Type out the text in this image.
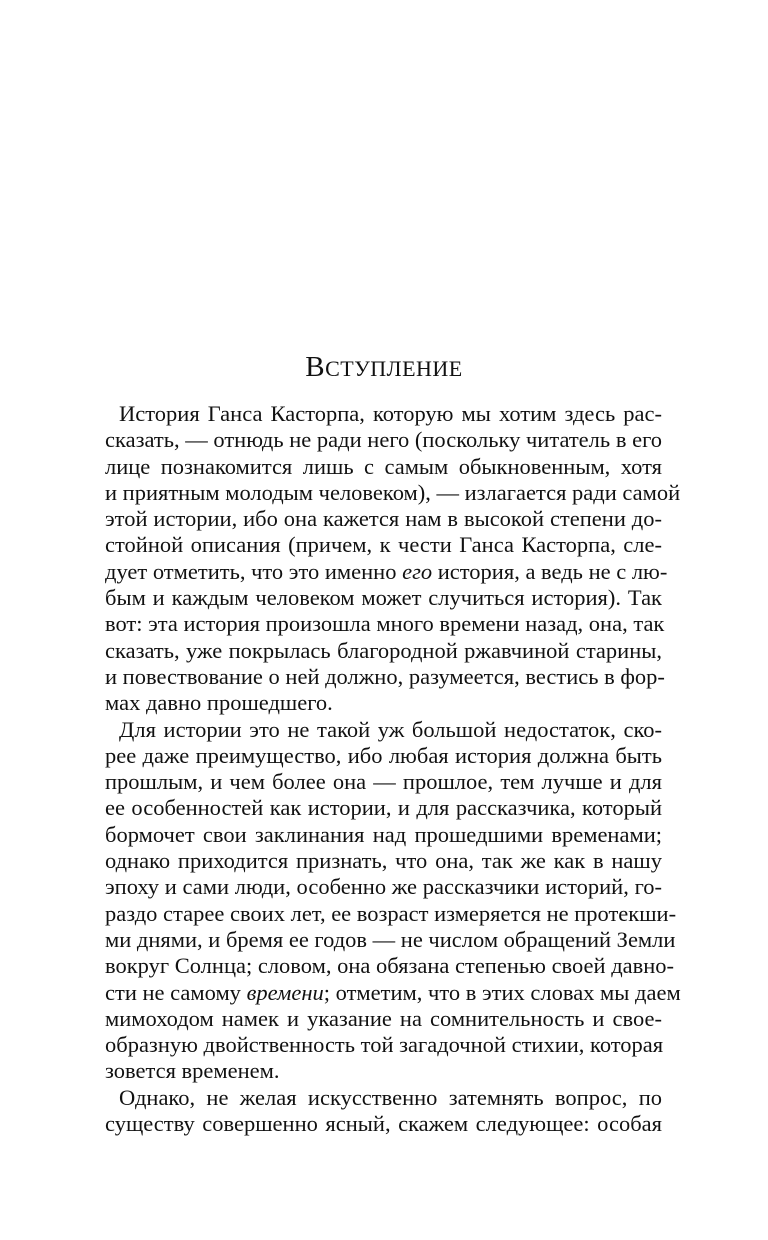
ВСТУПЛЕНИЕ
История Ганса Касторпа, которую мы хотим здесь рас-
сказать, — отнюдь не ради него (поскольку читатель в его
лице познакомится лишь с самым обыкновенным, хотя
и приятным молодым человеком), — излагается ради самой
этой истории, ибо она кажется нам в высокой степени до-
стойной описания (причем, к чести Ганса Касторпа, сле-
дует отметить, что это именно его история, а ведь не с лю-
бым и каждым человеком может случиться история). Так
вот: эта история произошла много времени назад, она, так
сказать, уже покрылась благородной ржавчиной старины,
и повествование о ней должно, разумеется, вестись в фор-
мах давно прошедшего.
Для истории это не такой уж большой недостаток, ско-
рее даже преимущество, ибо любая история должна быть
прошлым, и чем более она — прошлое, тем лучше и для
ее особенностей как истории, и для рассказчика, который
бормочет свои заклинания над прошедшими временами;
однако приходится признать, что она, так же как в нашу
эпоху и сами люди, особенно же рассказчики историй, го-
раздо старее своих лет, ее возраст измеряется не протекши-
ми днями, и бремя ее годов — не числом обращений Земли
вокруг Солнца; словом, она обязана степенью своей давно-
сти не самому времени; отметим, что в этих словах мы даем
мимоходом намек и указание на сомнительность и свое-
образную двойственность той загадочной стихии, которая
зовется временем.
Однако, не желая искусственно затемнять вопрос, по
существу совершенно ясный, скажем следующее: особая
